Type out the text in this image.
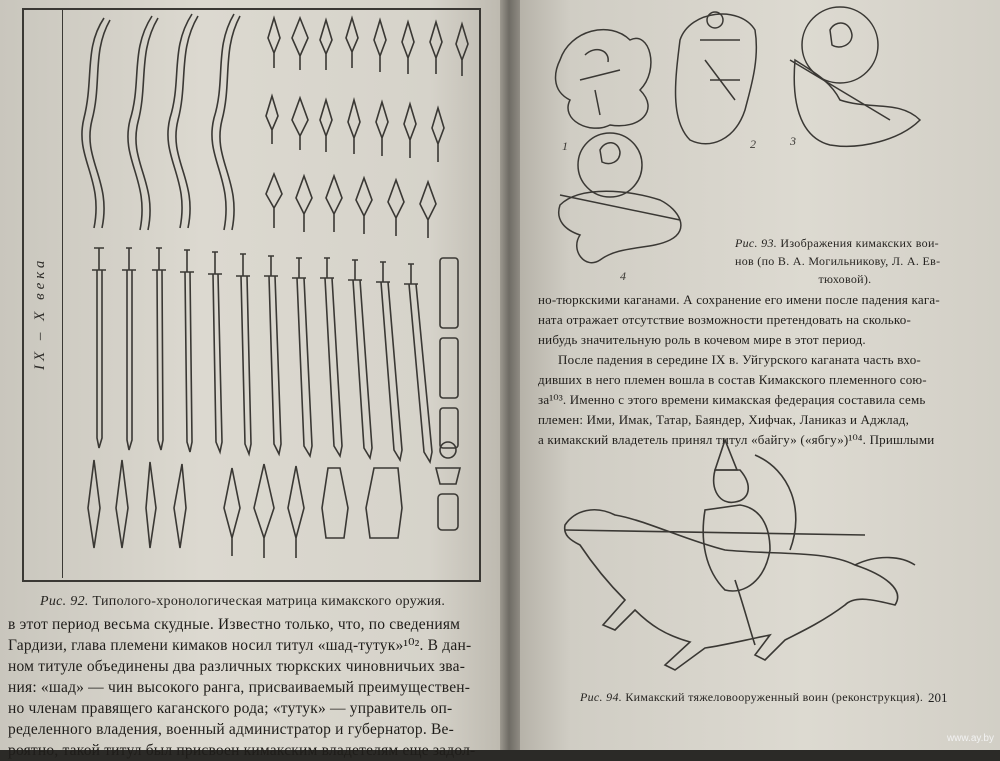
IX – X века
Рис. 92. Типолого-хронологическая матрица кимакского оружия.

в этот период весьма скудные. Известно только, что, по сведениям

Гардизи, глава племени кимаков носил титул «шад-тутук»¹⁰². В дан-

ном титуле объединены два различных тюркских чиновничьих зва-

ния: «шад» — чин высокого ранга, присваиваемый преимуществен-

но членам правящего каганского рода; «тутук» — управитель оп-

ределенного владения, военный администратор и губернатор. Ве-

роятно, такой титул был присвоен кимакским владетелям еще задол-

1	2	3
4
Рис. 93. Изображения кимакских вои-
нов (по В. А. Могильникову, Л. А. Ев-
тюховой).

но-тюркскими каганами. А сохранение его имени после падения кага-

ната отражает отсутствие возможности претендовать на сколько-

нибудь значительную роль в кочевом мире в этот период.

После падения в середине IX в. Уйгурского каганата часть вхо-

дивших в него племен вошла в состав Кимакского племенного сою-

за¹⁰³. Именно с этого времени кимакская федерация составила семь

племен: Ими, Имак, Татар, Баяндер, Хифчак, Ланиказ и Аджлад,

а кимакский владетель принял титул «байгу» («ябгу»)¹⁰⁴. Пришлыми

Рис. 94. Кимакский тяжеловооруженный воин (реконструкция). 201
www.ay.by
